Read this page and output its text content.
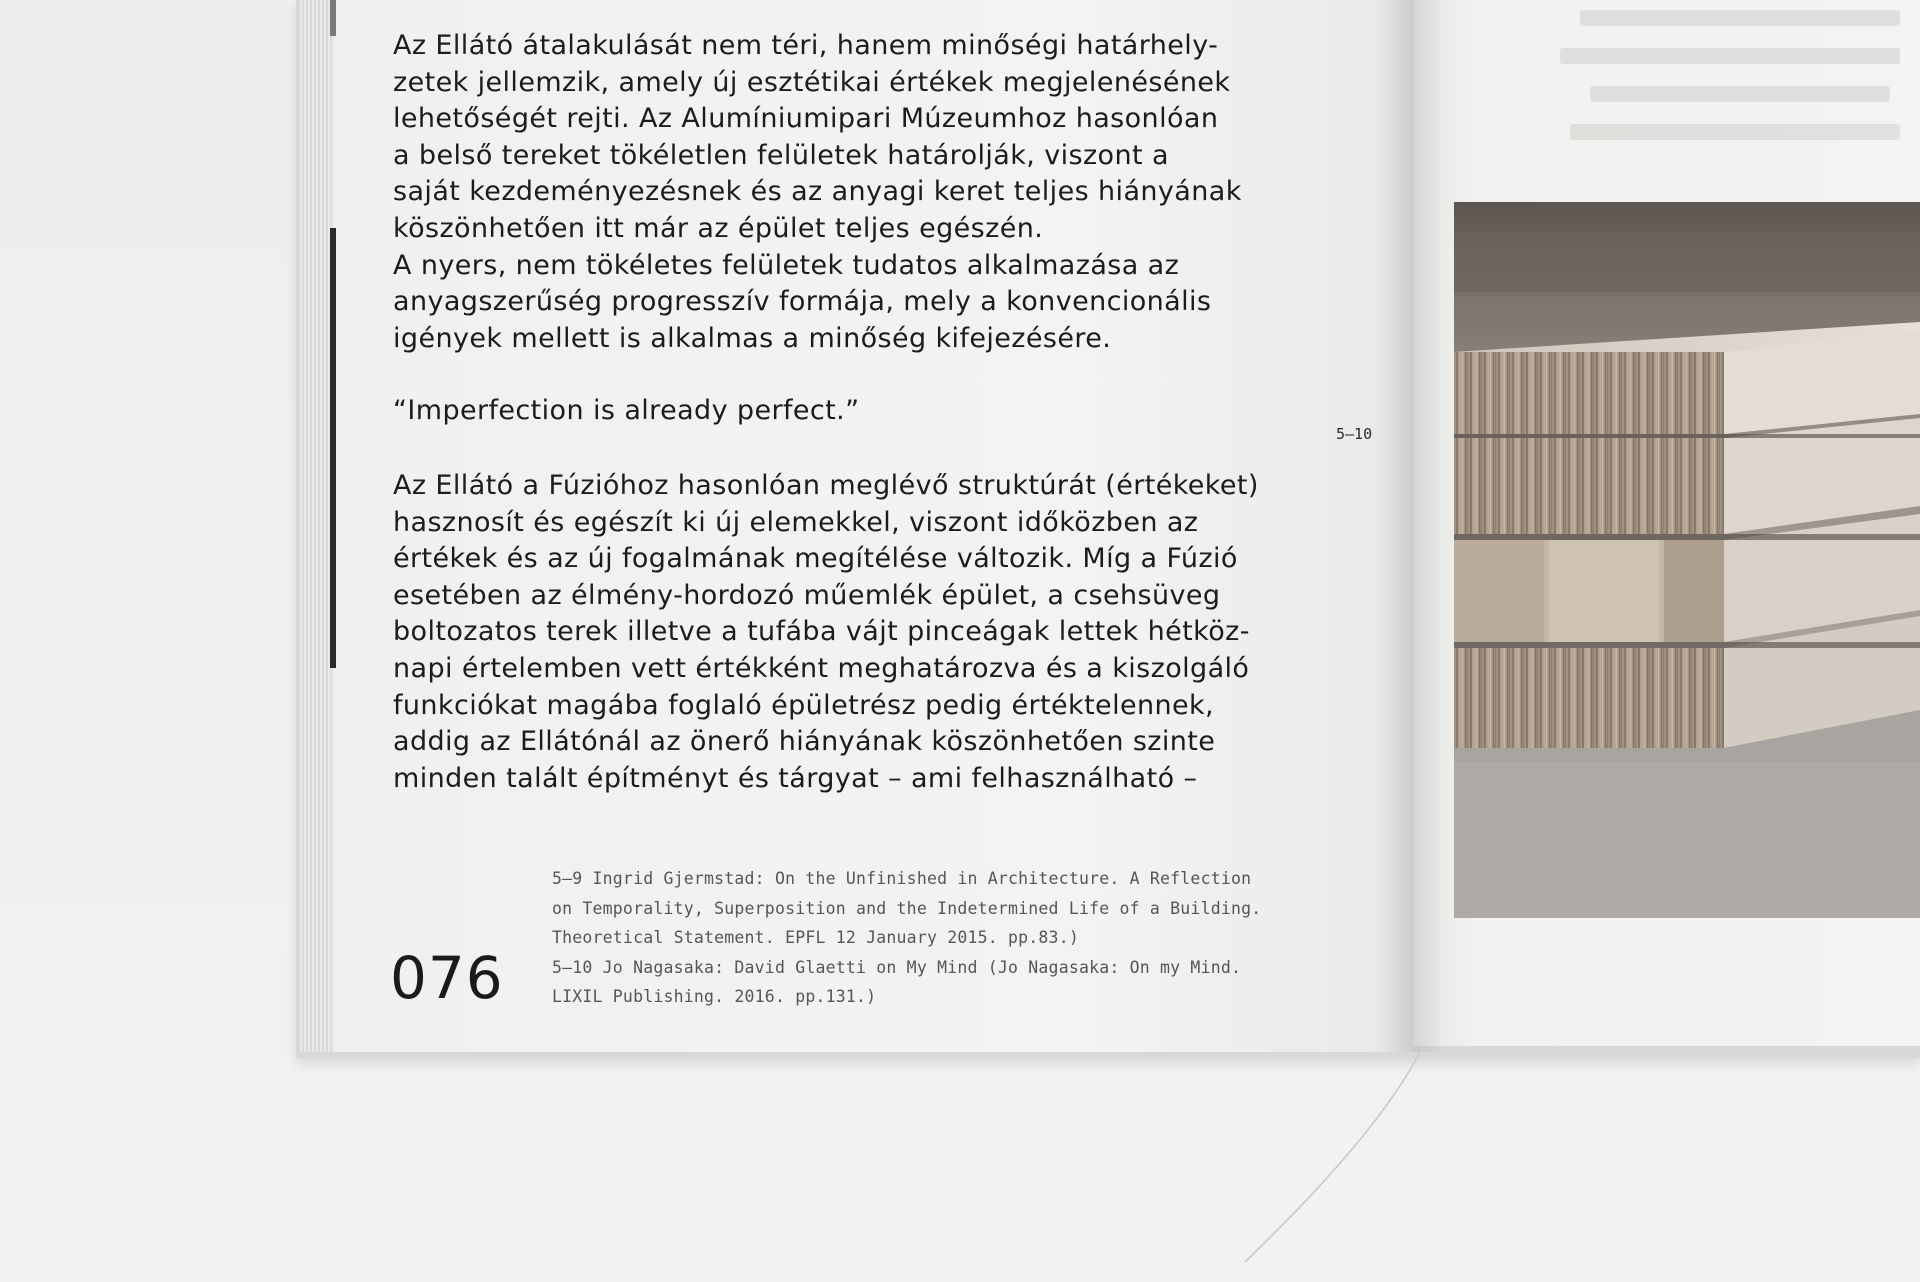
Az Ellátó átalakulását nem téri, hanem minőségi határhely-
zetek jellemzik, amely új esztétikai értékek megjelenésének
lehetőségét rejti. Az Alumíniumipari Múzeumhoz hasonlóan
a belső tereket tökéletlen felületek határolják, viszont a
saját kezdeményezésnek és az anyagi keret teljes hiányának
köszönhetően itt már az épület teljes egészén.
A nyers, nem tökéletes felületek tudatos alkalmazása az
anyagszerűség progresszív formája, mely a konvencionális
igények mellett is alkalmas a minőség kifejezésére.
“Imperfection is already perfect.”
Az Ellátó a Fúzióhoz hasonlóan meglévő struktúrát (értékeket)
hasznosít és egészít ki új elemekkel, viszont időközben az
értékek és az új fogalmának megítélése változik. Míg a Fúzió
esetében az élmény-hordozó műemlék épület, a csehsüveg
boltozatos terek illetve a tufába vájt pinceágak lettek hétköz-
napi értelemben vett értékként meghatározva és a kiszolgáló
funkciókat magába foglaló épületrész pedig értéktelennek,
addig az Ellátónál az önerő hiányának köszönhetően szinte
minden talált építményt és tárgyat – ami felhasználható –
5–10
5–9 Ingrid Gjermstad: On the Unfinished in Architecture. A Reflection
on Temporality, Superposition and the Indetermined Life of a Building.
Theoretical Statement. EPFL 12 January 2015. pp.83.)
5–10 Jo Nagasaka: David Glaetti on My Mind (Jo Nagasaka: On my Mind.
LIXIL Publishing. 2016. pp.131.)
076
